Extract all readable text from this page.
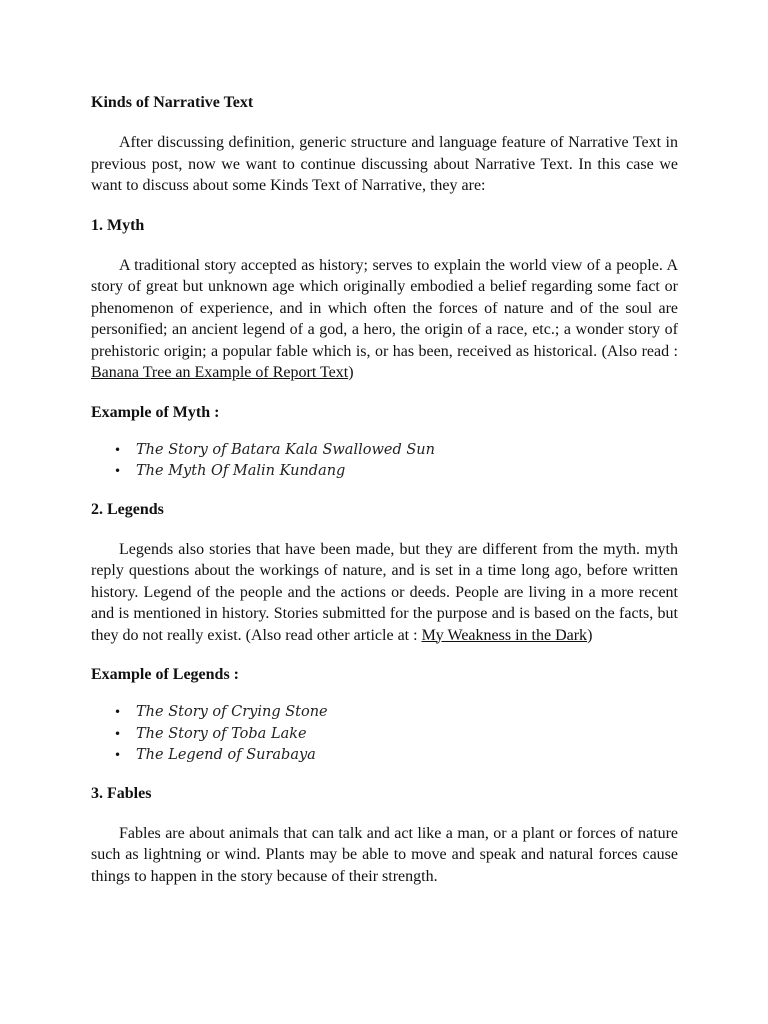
Kinds of Narrative Text

After discussing definition, generic structure and language feature of Narrative Text in previous post, now we want to continue discussing about Narrative Text. In this case we want to discuss about some Kinds Text of Narrative, they are:

1. Myth

A traditional story accepted as history; serves to explain the world view of a people. A story of great but unknown age which originally embodied a belief regarding some fact or phenomenon of experience, and in which often the forces of nature and of the soul are personified; an ancient legend of a god, a hero, the origin of a race, etc.; a wonder story of prehistoric origin; a popular fable which is, or has been, received as historical. (Also read : Banana Tree an Example of Report Text)

Example of Myth :
• The Story of Batara Kala Swallowed Sun
• The Myth Of Malin Kundang
2. Legends

Legends also stories that have been made, but they are different from the myth. myth reply questions about the workings of nature, and is set in a time long ago, before written history. Legend of the people and the actions or deeds. People are living in a more recent and is mentioned in history. Stories submitted for the purpose and is based on the facts, but they do not really exist. (Also read other article at : My Weakness in the Dark)

Example of Legends :
• The Story of Crying Stone
• The Story of Toba Lake
• The Legend of Surabaya
3. Fables

Fables are about animals that can talk and act like a man, or a plant or forces of nature such as lightning or wind. Plants may be able to move and speak and natural forces cause things to happen in the story because of their strength.
